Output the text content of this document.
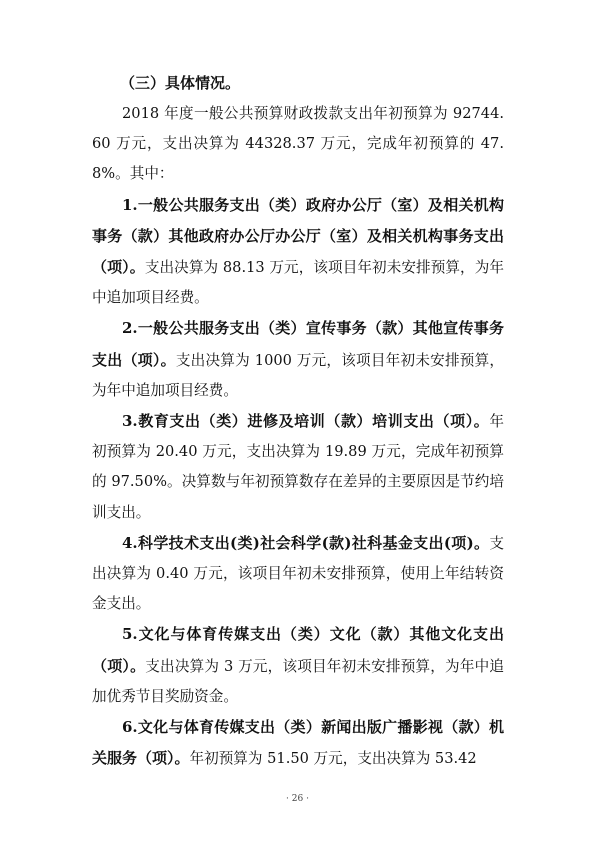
（三）具体情况。

2018 年度一般公共预算财政拨款支出年初预算为 92744.60 万元，支出决算为 44328.37 万元，完成年初预算的 47.8%。其中：

1.一般公共服务支出（类）政府办公厅（室）及相关机构事务（款）其他政府办公厅办公厅（室）及相关机构事务支出（项）。支出决算为 88.13 万元，该项目年初未安排预算，为年中追加项目经费。

2.一般公共服务支出（类）宣传事务（款）其他宣传事务支出（项）。支出决算为 1000 万元，该项目年初未安排预算，为年中追加项目经费。

3.教育支出（类）进修及培训（款）培训支出（项）。年初预算为 20.40 万元，支出决算为 19.89 万元，完成年初预算的 97.50%。决算数与年初预算数存在差异的主要原因是节约培训支出。

4.科学技术支出(类)社会科学(款)社科基金支出(项)。支出决算为 0.40 万元，该项目年初未安排预算，使用上年结转资金支出。

5.文化与体育传媒支出（类）文化（款）其他文化支出（项）。支出决算为 3 万元，该项目年初未安排预算，为年中追加优秀节目奖励资金。

6.文化与体育传媒支出（类）新闻出版广播影视（款）机关服务（项）。年初预算为 51.50 万元，支出决算为 53.42

· 26 ·
